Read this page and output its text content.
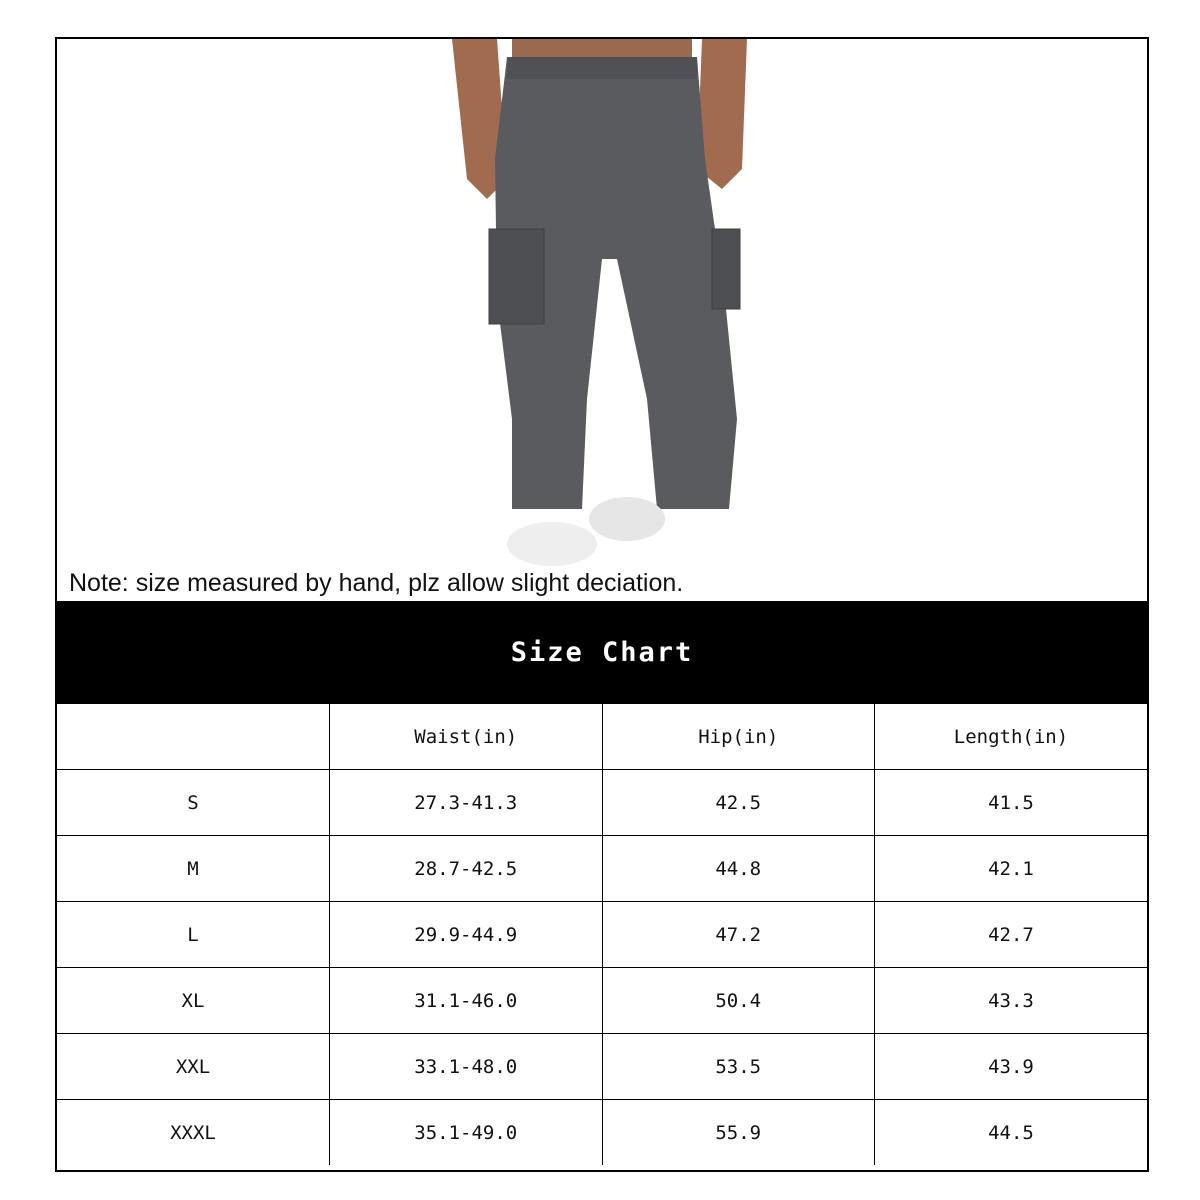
Note: size measured by hand, plz allow slight deciation.
Size Chart
	Waist(in)	Hip(in)	Length(in)
S	27.3-41.3	42.5	41.5
M	28.7-42.5	44.8	42.1
L	29.9-44.9	47.2	42.7
XL	31.1-46.0	50.4	43.3
XXL	33.1-48.0	53.5	43.9
XXXL	35.1-49.0	55.9	44.5
